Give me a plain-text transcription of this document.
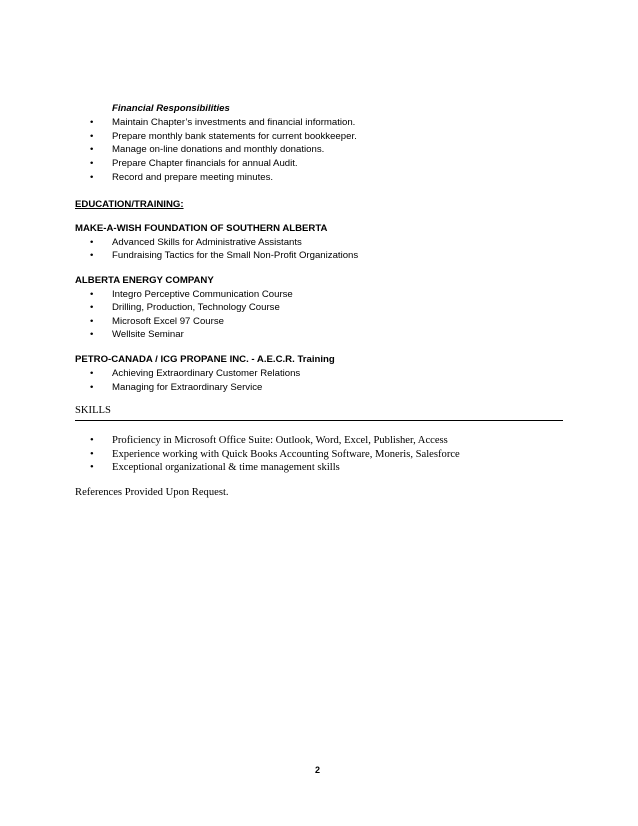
Financial Responsibilities
• Maintain Chapter’s investments and financial information.
• Prepare monthly bank statements for current bookkeeper.
• Manage on-line donations and monthly donations.
• Prepare Chapter financials for annual Audit.
• Record and prepare meeting minutes.
EDUCATION/TRAINING:
MAKE-A-WISH FOUNDATION OF SOUTHERN ALBERTA
• Advanced Skills for Administrative Assistants
• Fundraising Tactics for the Small Non-Profit Organizations
ALBERTA ENERGY COMPANY
• Integro Perceptive Communication Course
• Drilling, Production, Technology Course
• Microsoft Excel 97 Course
• Wellsite Seminar
PETRO-CANADA / ICG PROPANE INC. - A.E.C.R. Training
• Achieving Extraordinary Customer Relations
• Managing for Extraordinary Service
SKILLS
• Proficiency in Microsoft Office Suite: Outlook, Word, Excel, Publisher, Access
• Experience working with Quick Books Accounting Software, Moneris, Salesforce
• Exceptional organizational & time management skills
References Provided Upon Request.
2
